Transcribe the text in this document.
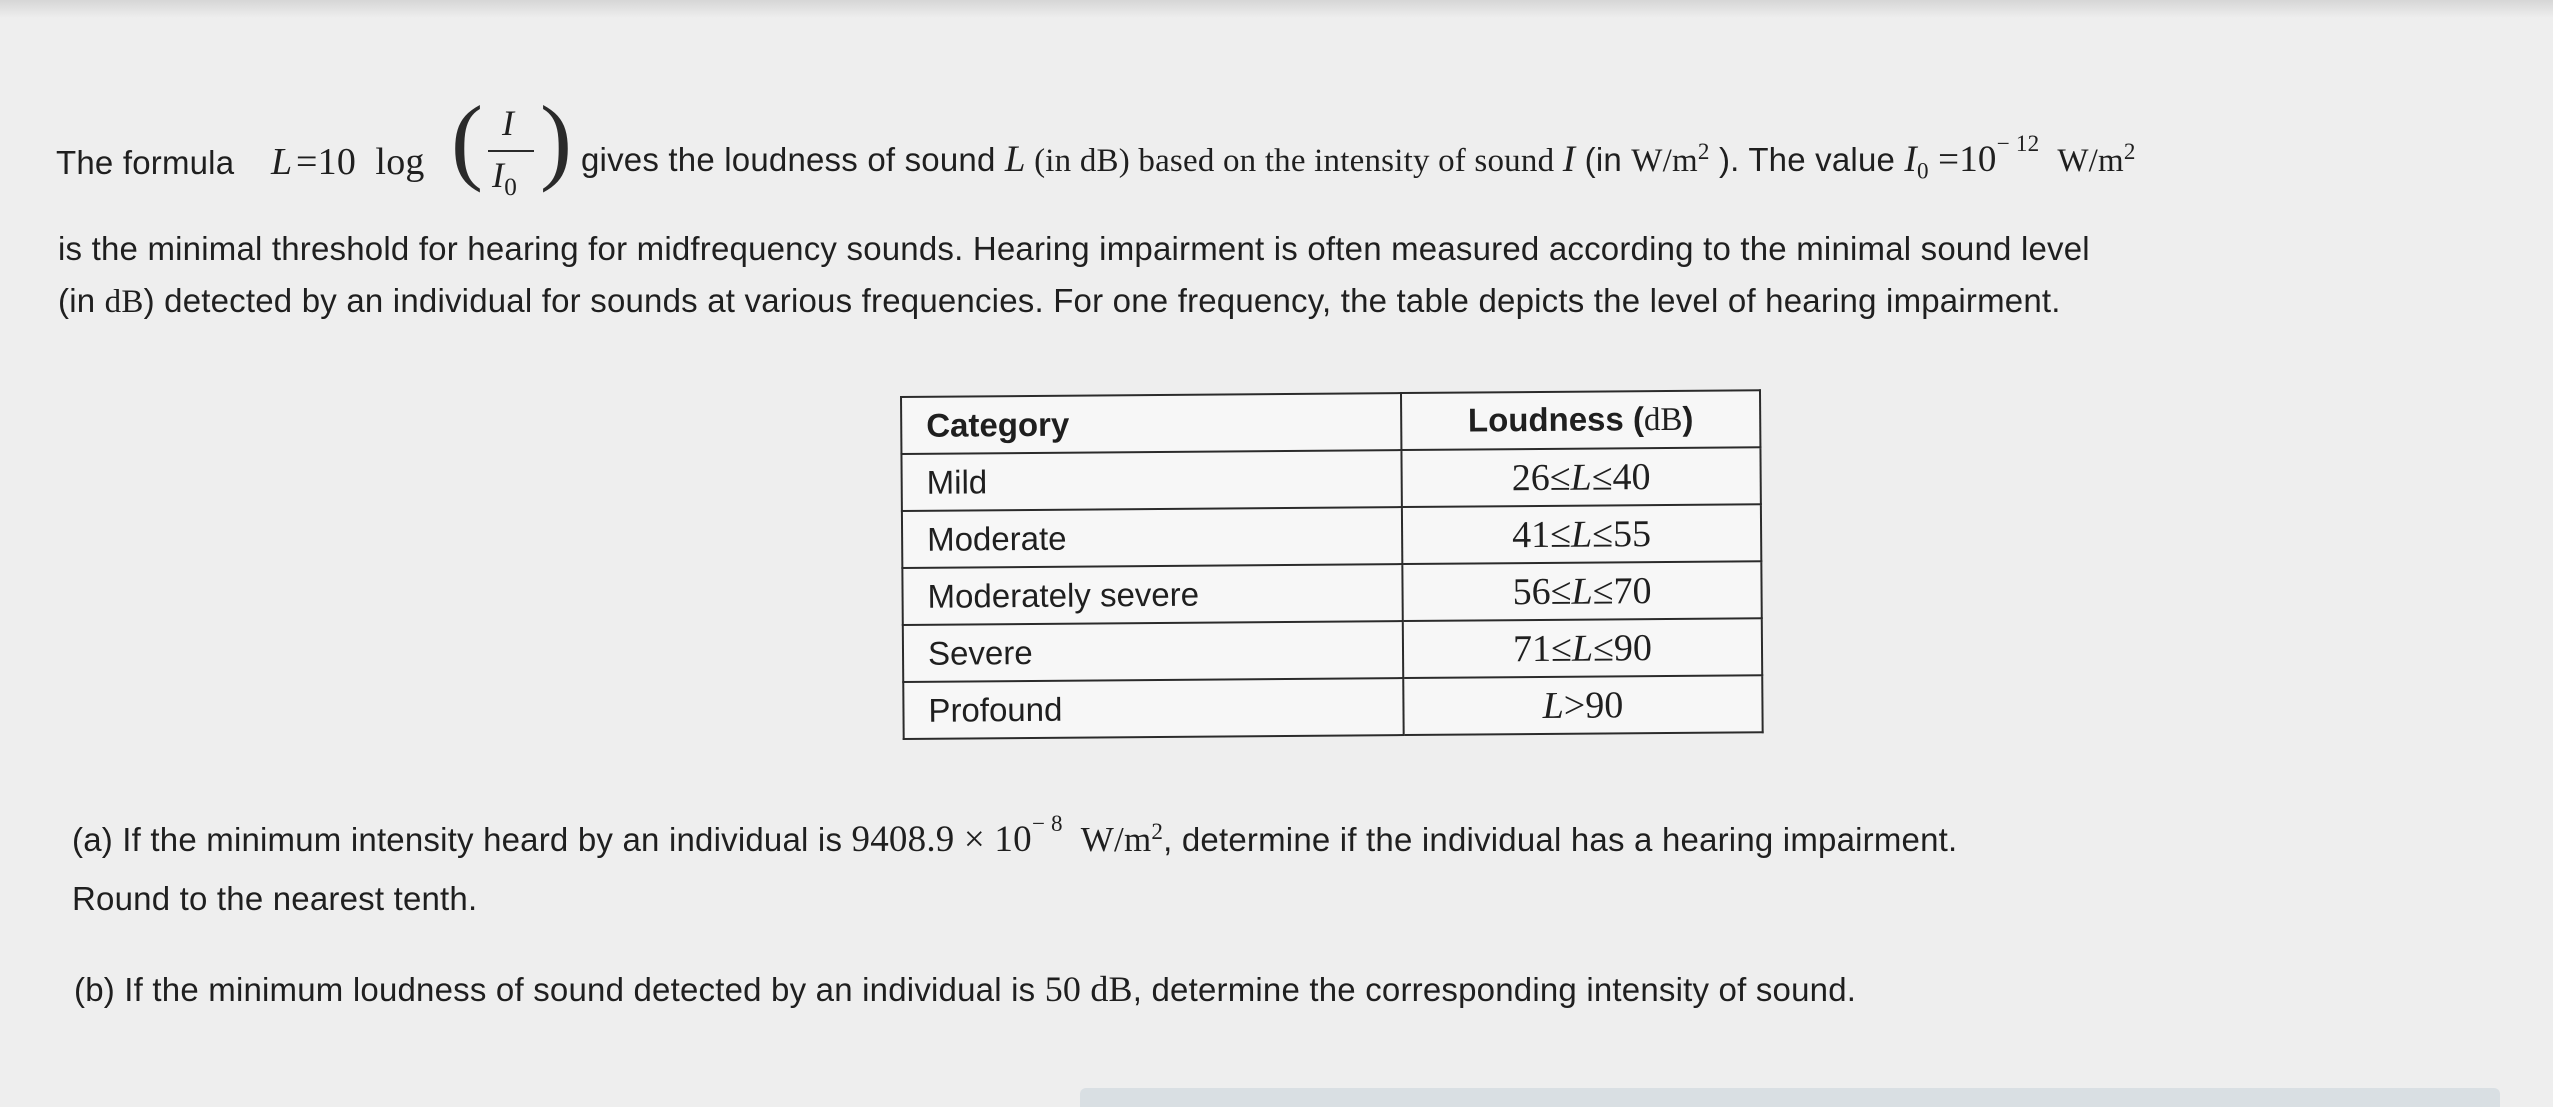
The formula L =10  log ( I
$I_0$ ) gives the loudness of sound L (in dB) based on the intensity of sound I (in $W/m^2$ ). The value $I_0 =10^{- 12}$ $W/m^2$
is the minimal threshold for hearing for midfrequency sounds. Hearing impairment is often measured according to the minimal sound level
(in dB) detected by an individual for sounds at various frequencies. For one frequency, the table depicts the level of hearing impairment.
Category	Loudness (dB)
Mild	26≤L≤40
Moderate	41≤L≤55
Moderately severe	56≤L≤70
Severe	71≤L≤90
Profound	L>90
(a) If the minimum intensity heard by an individual is $9408.9 \times 10^{- 8}$ $W/m^2$, determine if the individual has a hearing impairment.
Round to the nearest tenth.
(b) If the minimum loudness of sound detected by an individual is 50 dB, determine the corresponding intensity of sound.
